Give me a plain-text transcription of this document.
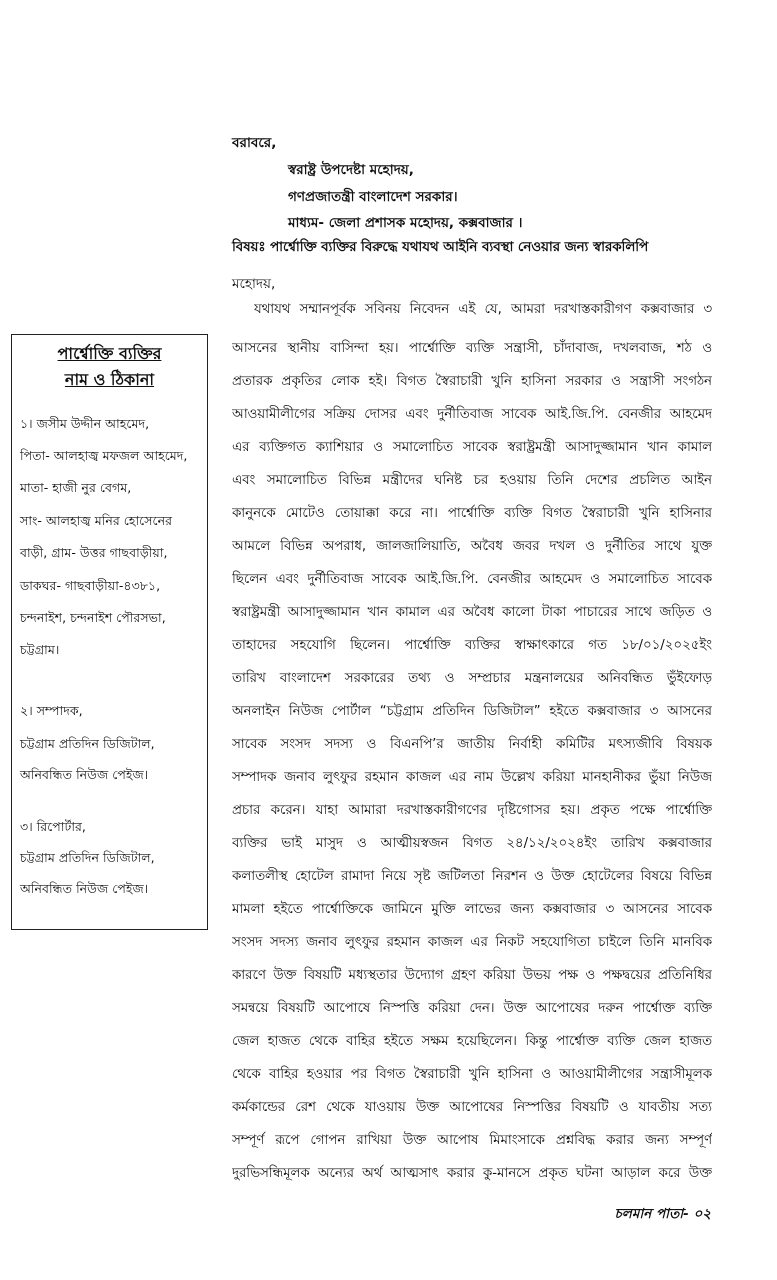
বরাবরে,
স্বরাষ্ট্র উপদেষ্টা মহোদয়,
গণপ্রজাতন্ত্রী বাংলাদেশ সরকার।
মাধ্যম- জেলা প্রশাসক মহোদয়, কক্সবাজার ।
বিষয়ঃ পার্শ্বোক্তি ব্যক্তির বিরুদ্ধে যথাযথ আইনি ব্যবস্থা নেওয়ার জন্য স্বারকলিপি
মহোদয়,
যথাযথ সম্মানপূর্বক সবিনয় নিবেদন এই যে, আমরা দরখাস্তকারীগণ কক্সবাজার ৩
আসনের স্থানীয় বাসিন্দা হয়। পার্শ্বোক্তি ব্যক্তি সন্ত্রাসী, চাঁদাবাজ, দখলবাজ, শঠ ও
প্রতারক প্রকৃতির লোক হই। বিগত স্বৈরাচারী খুনি হাসিনা সরকার ও সন্ত্রাসী সংগঠন
আওয়ামীলীগের সক্রিয় দোসর এবং দুর্নীতিবাজ সাবেক আই.জি.পি. বেনজীর আহমেদ
এর ব্যক্তিগত ক্যাশিয়ার ও সমালোচিত সাবেক স্বরাষ্ট্রমন্ত্রী আসাদুজ্জামান খান কামাল
এবং সমালোচিত বিভিন্ন মন্ত্রীদের ঘনিষ্ট চর হওয়ায় তিনি দেশের প্রচলিত আইন
কানুনকে মোটেও তোয়াক্কা করে না। পার্শ্বোক্তি ব্যক্তি বিগত স্বৈরাচারী খুনি হাসিনার
আমলে বিভিন্ন অপরাধ, জালজালিয়াতি, অবৈধ জবর দখল ও দুর্নীতির সাথে যুক্ত
ছিলেন এবং দুর্নীতিবাজ সাবেক আই.জি.পি. বেনজীর আহমেদ ও সমালোচিত সাবেক
স্বরাষ্ট্রমন্ত্রী আসাদুজ্জামান খান কামাল এর অবৈধ কালো টাকা পাচারের সাথে জড়িত ও
তাহাদের সহযোগি ছিলেন। পার্শ্বোক্তি ব্যক্তির স্বাক্ষাৎকারে গত ১৮/০১/২০২৫ইং
তারিখ বাংলাদেশ সরকারের তথ্য ও সম্প্রচার মন্ত্রনালয়ের অনিবন্ধিত ভুঁইফোড়
অনলাইন নিউজ পোর্টাল “চট্টগ্রাম প্রতিদিন ডিজিটাল” হইতে কক্সবাজার ৩ আসনের
সাবেক সংসদ সদস্য ও বিএনপি’র জাতীয় নির্বাহী কমিটির মৎস্যজীবি বিষয়ক
সম্পাদক জনাব লুৎফুর রহমান কাজল এর নাম উল্লেখ করিয়া মানহানীকর ভুঁয়া নিউজ
প্রচার করেন। যাহা আমারা দরখাস্তকারীগণের দৃষ্টিগোসর হয়। প্রকৃত পক্ষে পার্শ্বোক্তি
ব্যক্তির ভাই মাসুদ ও আত্মীয়স্বজন বিগত ২৪/১২/২০২৪ইং তারিখ কক্সবাজার
কলাতলীস্থ হোটেল রামাদা নিয়ে সৃষ্ট জটিলতা নিরশন ও উক্ত হোটেলের বিষয়ে বিভিন্ন
মামলা হইতে পার্শ্বোক্তিকে জামিনে মুক্তি লাভের জন্য কক্সবাজার ৩ আসনের সাবেক
সংসদ সদস্য জনাব লুৎফুর রহমান কাজল এর নিকট সহযোগিতা চাইলে তিনি মানবিক
কারণে উক্ত বিষয়টি মধ্যস্থতার উদ্যোগ গ্রহণ করিয়া উভয় পক্ষ ও পক্ষদ্বয়ের প্রতিনিধির
সমন্বয়ে বিষয়টি আপোষে নিস্পত্তি করিয়া দেন। উক্ত আপোষের দরুন পার্শ্বোক্ত ব্যক্তি
জেল হাজত থেকে বাহির হইতে সক্ষম হয়েছিলেন। কিন্তু পার্শ্বোক্ত ব্যক্তি জেল হাজত
থেকে বাহির হওয়ার পর বিগত স্বৈরাচারী খুনি হাসিনা ও আওয়ামীলীগের সন্ত্রাসীমূলক
কর্মকান্ডের রেশ থেকে যাওয়ায় উক্ত আপোষের নিস্পত্তির বিষয়টি ও যাবতীয় সত্য
সম্পূর্ণ রূপে গোপন রাখিয়া উক্ত আপোষ মিমাংসাকে প্রশ্নবিদ্ধ করার জন্য সম্পূর্ণ
দুরভিসন্ধিমূলক অন্যের অর্থ আত্মসাৎ করার কু-মানসে প্রকৃত ঘটনা আড়াল করে উক্ত
পার্শ্বোক্তি ব্যক্তির
নাম ও ঠিকানা
১। জসীম উদ্দীন আহমেদ,
পিতা- আলহাজ্ব মফজল আহমেদ,
মাতা- হাজী নুর বেগম,
সাং- আলহাজ্ব মনির হোসেনের
বাড়ী, গ্রাম- উত্তর গাছবাড়ীয়া,
ডাকঘর- গাছবাড়ীয়া-৪৩৮১,
চন্দনাইশ, চন্দনাইশ পৌরসভা,
চট্টগ্রাম।
২। সম্পাদক,
চট্টগ্রাম প্রতিদিন ডিজিটাল,
অনিবন্ধিত নিউজ পেইজ।
৩। রিপোর্টার,
চট্টগ্রাম প্রতিদিন ডিজিটাল,
অনিবন্ধিত নিউজ পেইজ।
চলমান পাতা- ০২
